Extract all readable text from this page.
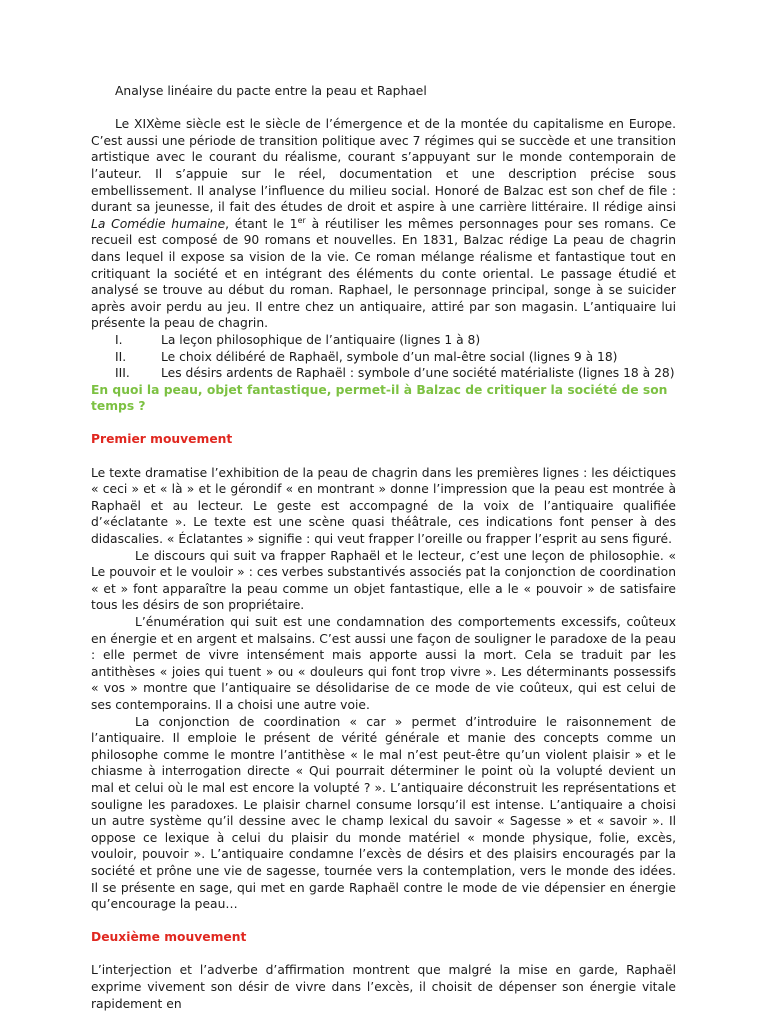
Analyse linéaire du pacte entre la peau et Raphael

Le XIXème siècle est le siècle de l’émergence et de la montée du capitalisme en Europe. C’est aussi une période de transition politique avec 7 régimes qui se succède et une transition artistique avec le courant du réalisme, courant s’appuyant sur le monde contemporain de l’auteur. Il s’appuie sur le réel, documentation et une description précise sous embellissement. Il analyse l’influence du milieu social. Honoré de Balzac est son chef de file : durant sa jeunesse, il fait des études de droit et aspire à une carrière littéraire. Il rédige ainsi La Comédie humaine, étant le 1er à réutiliser les mêmes personnages pour ses romans. Ce recueil est composé de 90 romans et nouvelles. En 1831, Balzac rédige La peau de chagrin dans lequel il expose sa vision de la vie. Ce roman mélange réalisme et fantastique tout en critiquant la société et en intégrant des éléments du conte oriental. Le passage étudié et analysé se trouve au début du roman. Raphael, le personnage principal, songe à se suicider après avoir perdu au jeu. Il entre chez un antiquaire, attiré par son magasin. L’antiquaire lui présente la peau de chagrin.

I.	La leçon philosophique de l’antiquaire (lignes 1 à 8)
II.	Le choix délibéré de Raphaël, symbole d’un mal-être social (lignes 9 à 18)
III.	Les désirs ardents de Raphaël : symbole d’une société matérialiste (lignes 18 à 28)

En quoi la peau, objet fantastique, permet-il à Balzac de critiquer la société de son temps ?

Premier mouvement

Le texte dramatise l’exhibition de la peau de chagrin dans les premières lignes : les déictiques « ceci » et « là » et le gérondif « en montrant » donne l’impression que la peau est montrée à Raphaël et au lecteur. Le geste est accompagné de la voix de l’antiquaire qualifiée d’«éclatante ». Le texte est une scène quasi théâtrale, ces indications font penser à des didascalies. « Éclatantes » signifie : qui veut frapper l’oreille ou frapper l’esprit au sens figuré.

Le discours qui suit va frapper Raphaël et le lecteur, c’est une leçon de philosophie. « Le pouvoir et le vouloir » : ces verbes substantivés associés pat la conjonction de coordination « et » font apparaître la peau comme un objet fantastique, elle a le « pouvoir » de satisfaire tous les désirs de son propriétaire.

L’énumération qui suit est une condamnation des comportements excessifs, coûteux en énergie et en argent et malsains. C’est aussi une façon de souligner le paradoxe de la peau : elle permet de vivre intensément mais apporte aussi la mort. Cela se traduit par les antithèses « joies qui tuent » ou « douleurs qui font trop vivre ». Les déterminants possessifs « vos » montre que l’antiquaire se désolidarise de ce mode de vie coûteux, qui est celui de ses contemporains. Il a choisi une autre voie.

La conjonction de coordination « car » permet d’introduire le raisonnement de l’antiquaire. Il emploie le présent de vérité générale et manie des concepts comme un philosophe comme le montre l’antithèse « le mal n’est peut-être qu’un violent plaisir » et le chiasme à interrogation directe « Qui pourrait déterminer le point où la volupté devient un mal et celui où le mal est encore la volupté ? ». L’antiquaire déconstruit les représentations et souligne les paradoxes. Le plaisir charnel consume lorsqu’il est intense. L’antiquaire a choisi un autre système qu’il dessine avec le champ lexical du savoir « Sagesse » et « savoir ». Il oppose ce lexique à celui du plaisir du monde matériel « monde physique, folie, excès, vouloir, pouvoir ». L’antiquaire condamne l’excès de désirs et des plaisirs encouragés par la société et prône une vie de sagesse, tournée vers la contemplation, vers le monde des idées. Il se présente en sage, qui met en garde Raphaël contre le mode de vie dépensier en énergie qu’encourage la peau…

Deuxième mouvement

L’interjection et l’adverbe d’affirmation montrent que malgré la mise en garde, Raphaël exprime vivement son désir de vivre dans l’excès, il choisit de dépenser son énergie vitale rapidement en
